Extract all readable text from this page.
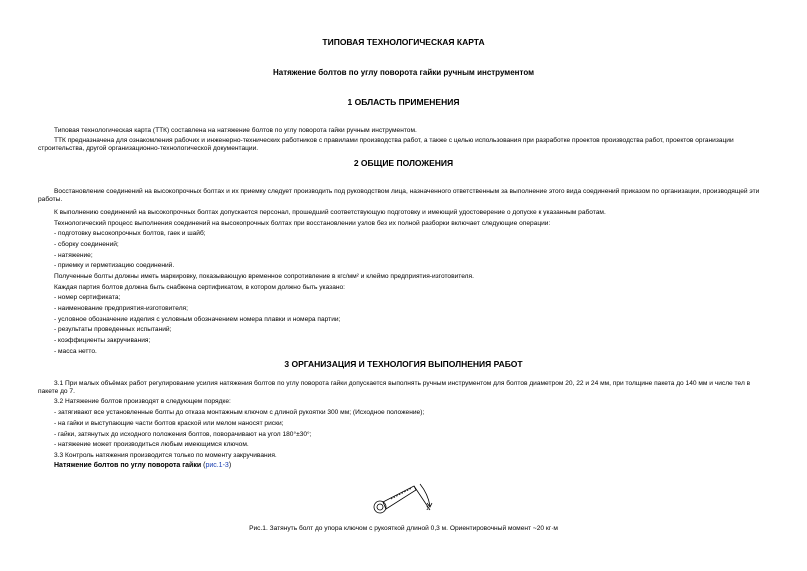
ТИПОВАЯ ТЕХНОЛОГИЧЕСКАЯ КАРТА
Натяжение болтов по углу поворота гайки ручным инструментом
1 ОБЛАСТЬ ПРИМЕНЕНИЯ
Типовая технологическая карта (ТТК) составлена на натяжение болтов по углу поворота гайки ручным инструментом.
ТТК предназначена для ознакомления рабочих и инженерно-технических работников с правилами производства работ, а также с целью использования при разработке проектов производства работ, проектов организации строительства, другой организационно-технологической документации.
2 ОБЩИЕ ПОЛОЖЕНИЯ
Восстановление соединений на высокопрочных болтах и их приемку следует производить под руководством лица, назначенного ответственным за выполнение этого вида соединений приказом по организации, производящей эти работы.
К выполнению соединений на высокопрочных болтах допускается персонал, прошедший соответствующую подготовку и имеющий удостоверение о допуске к указанным работам.
Технологический процесс выполнения соединений на высокопрочных болтах при восстановлении узлов без их полной разборки включает следующие операции:
- подготовку высокопрочных болтов, гаек и шайб;
- сборку соединений;
- натяжение;
- приемку и герметизацию соединений.
Полученные болты должны иметь маркировку, показывающую временное сопротивление в кгс/мм² и клеймо предприятия-изготовителя.
Каждая партия болтов должна быть снабжена сертификатом, в котором должно быть указано:
- номер сертификата;
- наименование предприятия-изготовителя;
- условное обозначение изделия с условным обозначением номера плавки и номера партии;
- результаты проведенных испытаний;
- коэффициенты закручивания;
- масса нетто.
3 ОРГАНИЗАЦИЯ И ТЕХНОЛОГИЯ ВЫПОЛНЕНИЯ РАБОТ
3.1 При малых объёмах работ регулирование усилия натяжения болтов по углу поворота гайки допускается выполнять ручным инструментом для болтов диаметром 20, 22 и 24 мм, при толщине пакета до 140 мм и числе тел в пакете до 7.
3.2 Натяжение болтов производят в следующем порядке:
- затягивают все установленные болты до отказа монтажным ключом с длиной рукоятки 300 мм; (Исходное положение);
- на гайки и выступающие части болтов краской или мелом наносят риски;
- гайки, затянутых до исходного положения болтов, поворачивают на угол 180°±30°;
- натяжение может производиться любым имеющимся ключом.
3.3 Контроль натяжения производится только по моменту закручивания.
Натяжение болтов по углу поворота гайки (рис.1-3)
1
Рис.1. Затянуть болт до упора ключом с рукояткой длиной 0,3 м. Ориентировочный момент ~20 кг·м
